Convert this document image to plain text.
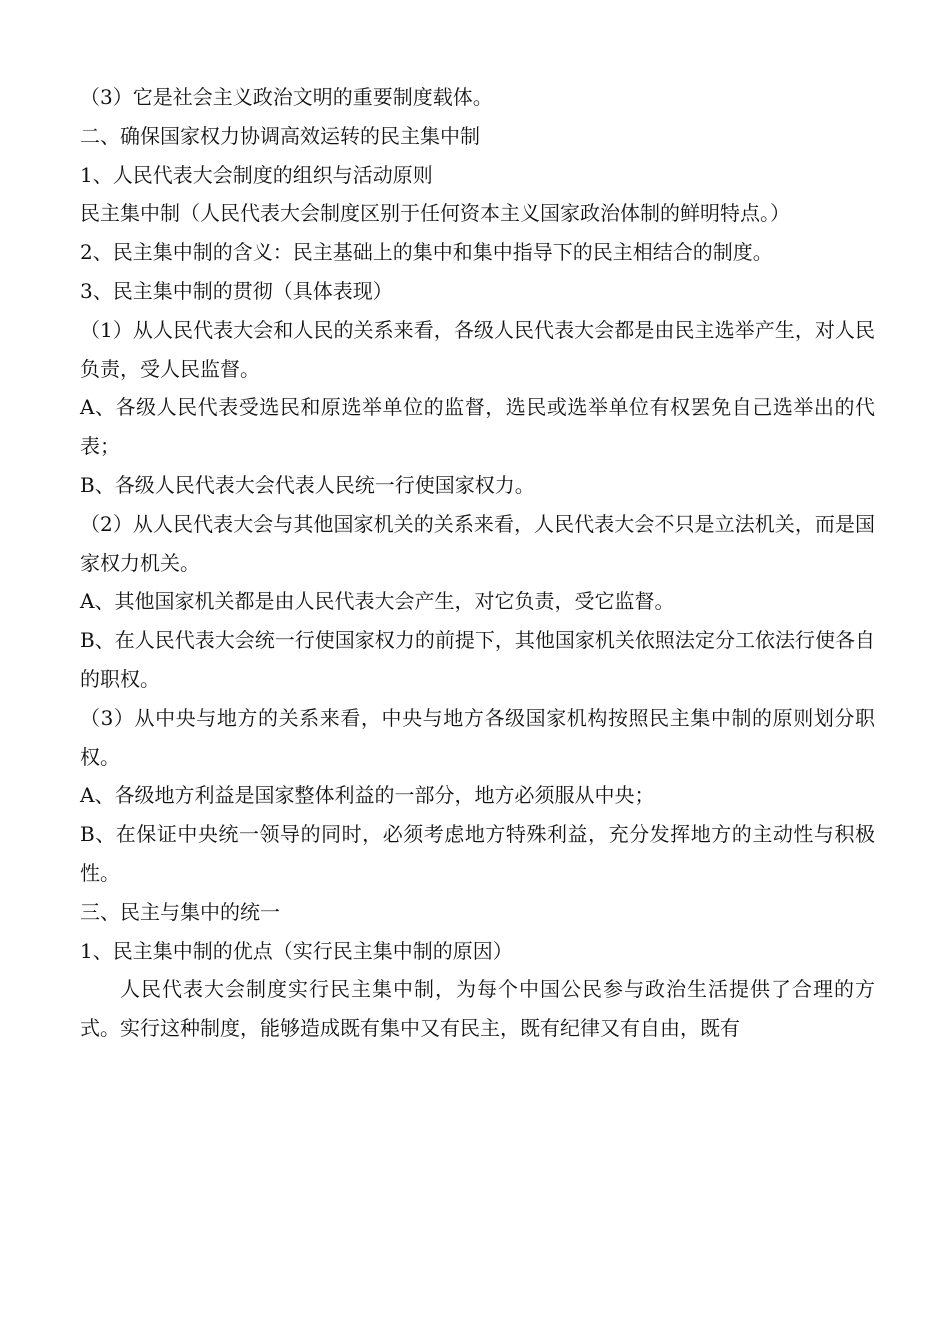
（3）它是社会主义政治文明的重要制度载体。

二、确保国家权力协调高效运转的民主集中制

1、人民代表大会制度的组织与活动原则

民主集中制（人民代表大会制度区别于任何资本主义国家政治体制的鲜明特点。）

2、民主集中制的含义：民主基础上的集中和集中指导下的民主相结合的制度。

3、民主集中制的贯彻（具体表现）

（1）从人民代表大会和人民的关系来看，各级人民代表大会都是由民主选举产生，对人民负责，受人民监督。

A、各级人民代表受选民和原选举单位的监督，选民或选举单位有权罢免自己选举出的代表；

B、各级人民代表大会代表人民统一行使国家权力。

（2）从人民代表大会与其他国家机关的关系来看，人民代表大会不只是立法机关，而是国家权力机关。

A、其他国家机关都是由人民代表大会产生，对它负责，受它监督。

B、在人民代表大会统一行使国家权力的前提下，其他国家机关依照法定分工依法行使各自的职权。

（3）从中央与地方的关系来看，中央与地方各级国家机构按照民主集中制的原则划分职权。

A、各级地方利益是国家整体利益的一部分，地方必须服从中央；

B、在保证中央统一领导的同时，必须考虑地方特殊利益，充分发挥地方的主动性与积极性。

三、民主与集中的统一

1、民主集中制的优点（实行民主集中制的原因）

人民代表大会制度实行民主集中制，为每个中国公民参与政治生活提供了合理的方式。实行这种制度，能够造成既有集中又有民主，既有纪律又有自由，既有
